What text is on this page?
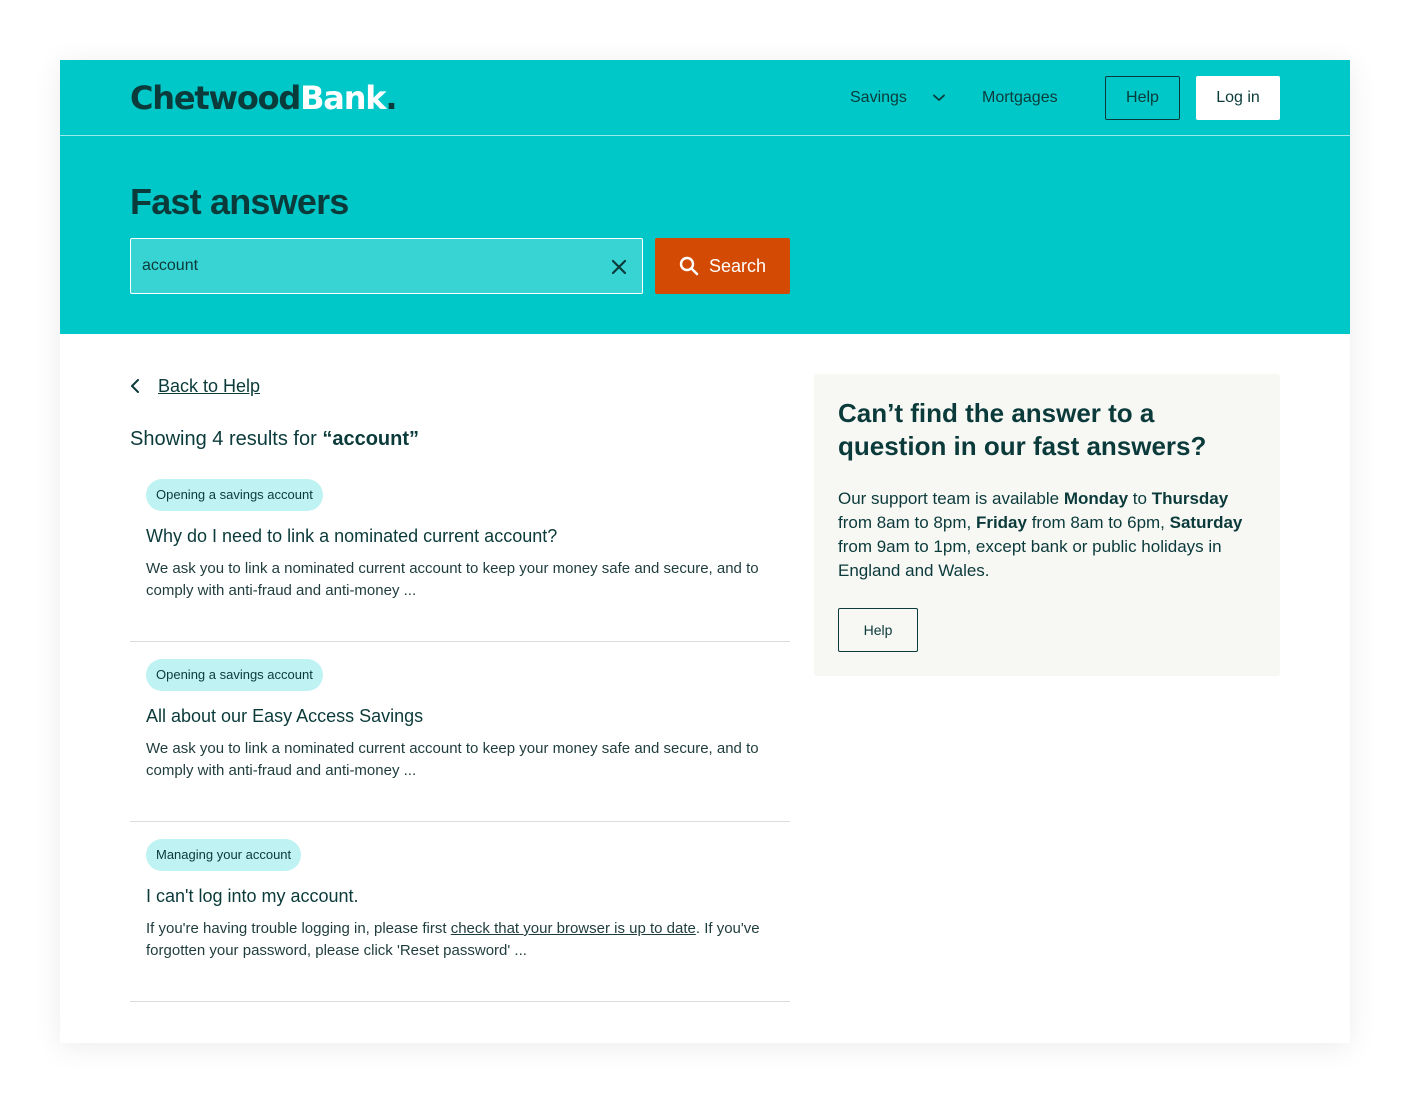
ChetwoodBank.	Savings	Mortgages	Help	Log in
Fast answers
account
Search
Back to Help
Showing 4 results for “account”
Opening a savings account
Why do I need to link a nominated current account?

We ask you to link a nominated current account to keep your money safe and secure, and to comply with anti-fraud and anti-money ...

Opening a savings account
All about our Easy Access Savings

We ask you to link a nominated current account to keep your money safe and secure, and to comply with anti-fraud and anti-money ...

Managing your account
I can't log into my account.

If you're having trouble logging in, please first check that your browser is up to date. If you've forgotten your password, please click 'Reset password' ...

Can’t find the answer to a question in our fast answers?

Our support team is available Monday to Thursday from 8am to 8pm, Friday from 8am to 6pm, Saturday from 9am to 1pm, except bank or public holidays in England and Wales.

Help
